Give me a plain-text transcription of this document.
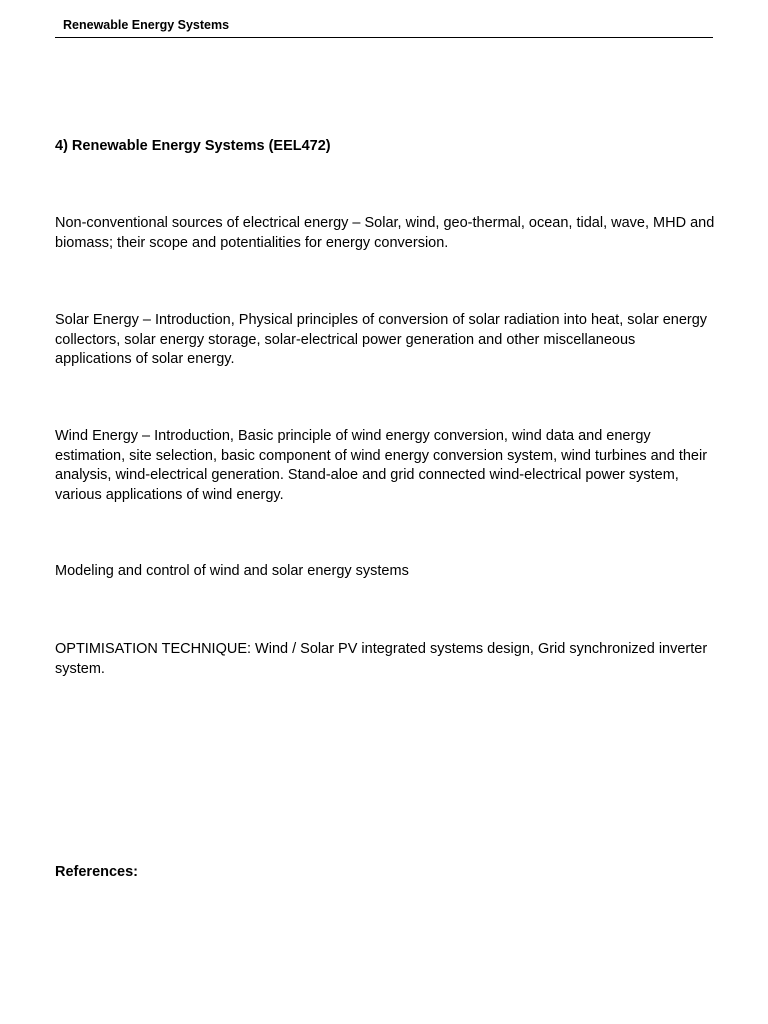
Renewable Energy Systems
4) Renewable Energy Systems (EEL472)
Non-conventional sources of electrical energy – Solar, wind, geo-thermal, ocean, tidal, wave, MHD and biomass; their scope and potentialities for energy conversion.
Solar Energy – Introduction, Physical principles of conversion of solar radiation into heat, solar energy collectors, solar energy storage, solar-electrical power generation and other miscellaneous applications of solar energy.
Wind Energy – Introduction, Basic principle of wind energy conversion, wind data and energy estimation, site selection, basic component of wind energy conversion system, wind turbines and their analysis, wind-electrical generation. Stand-aloe and grid connected wind-electrical power system, various applications of wind energy.
Modeling and control of wind and solar energy systems
OPTIMISATION TECHNIQUE: Wind / Solar PV integrated systems design, Grid synchronized inverter system.
References:
